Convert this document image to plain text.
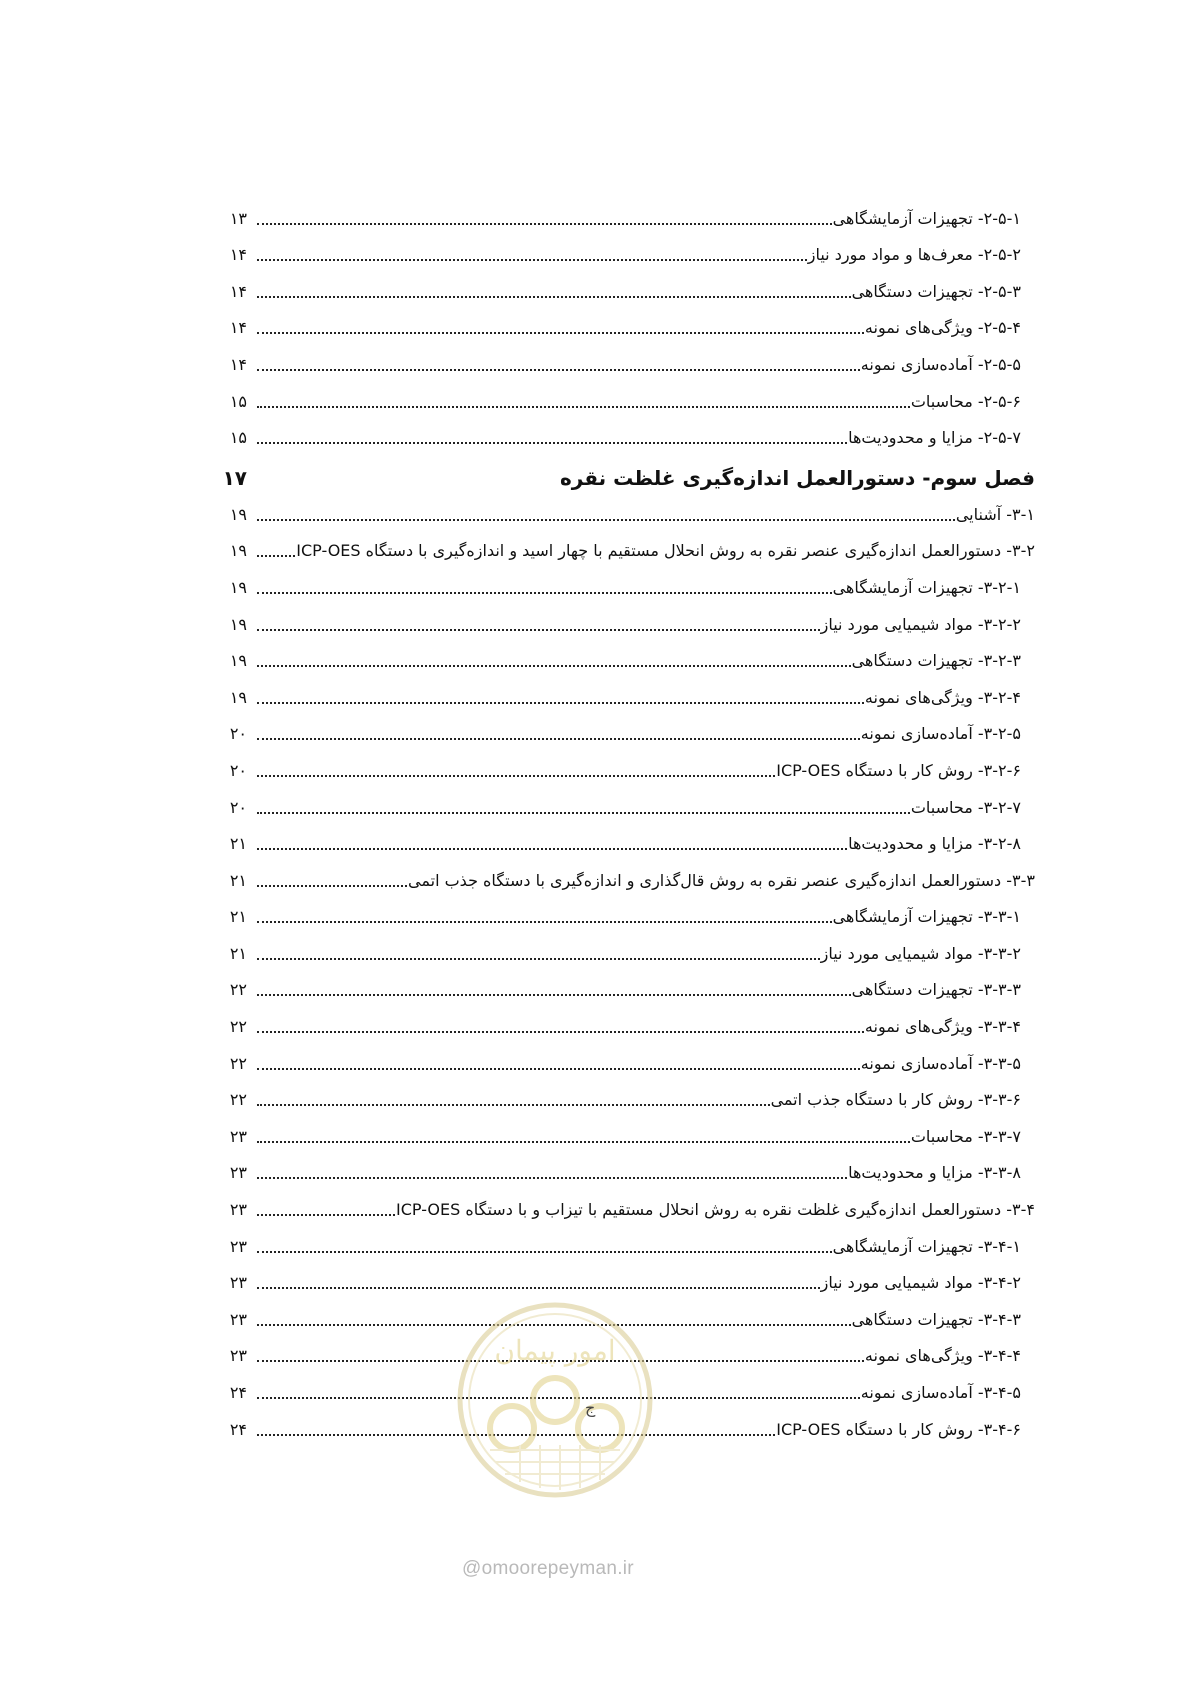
۲-۵-۱- تجهیزات آزمایشگاهی
۱۳
۲-۵-۲- معرف‌ها و مواد مورد نیاز
۱۴
۲-۵-۳- تجهیزات دستگاهی
۱۴
۲-۵-۴- ویژگی‌های نمونه
۱۴
۲-۵-۵- آماده‌سازی نمونه
۱۴
۲-۵-۶- محاسبات
۱۵
۲-۵-۷- مزایا و محدودیت‌ها
۱۵
فصل سوم- دستورالعمل اندازه‌گیری غلظت نقره
۱۷
۳-۱- آشنایی
۱۹
۳-۲- دستورالعمل اندازه‌گیری عنصر نقره به روش انحلال مستقیم با چهار اسید و اندازه‌گیری با دستگاه ICP-OES
۱۹
۳-۲-۱- تجهیزات آزمایشگاهی
۱۹
۳-۲-۲- مواد شیمیایی مورد نیاز
۱۹
۳-۲-۳- تجهیزات دستگاهی
۱۹
۳-۲-۴- ویژگی‌های نمونه
۱۹
۳-۲-۵- آماده‌سازی نمونه
۲۰
۳-۲-۶- روش کار با دستگاه ICP-OES
۲۰
۳-۲-۷- محاسبات
۲۰
۳-۲-۸- مزایا و محدودیت‌ها
۲۱
۳-۳- دستورالعمل اندازه‌گیری عنصر نقره به روش قال‌گذاری و اندازه‌گیری با دستگاه جذب اتمی
۲۱
۳-۳-۱- تجهیزات آزمایشگاهی
۲۱
۳-۳-۲- مواد شیمیایی مورد نیاز
۲۱
۳-۳-۳- تجهیزات دستگاهی
۲۲
۳-۳-۴- ویژگی‌های نمونه
۲۲
۳-۳-۵- آماده‌سازی نمونه
۲۲
۳-۳-۶- روش کار با دستگاه جذب اتمی
۲۲
۳-۳-۷- محاسبات
۲۳
۳-۳-۸- مزایا و محدودیت‌ها
۲۳
۳-۴- دستورالعمل اندازه‌گیری غلظت نقره به روش انحلال مستقیم با تیزاب و با دستگاه ICP-OES
۲۳
۳-۴-۱- تجهیزات آزمایشگاهی
۲۳
۳-۴-۲- مواد شیمیایی مورد نیاز
۲۳
۳-۴-۳- تجهیزات دستگاهی
۲۳
۳-۴-۴- ویژگی‌های نمونه
۲۳
۳-۴-۵- آماده‌سازی نمونه
۲۴
۳-۴-۶- روش کار با دستگاه ICP-OES
۲۴
امور پیمان
ج
@omoorepeyman.ir
